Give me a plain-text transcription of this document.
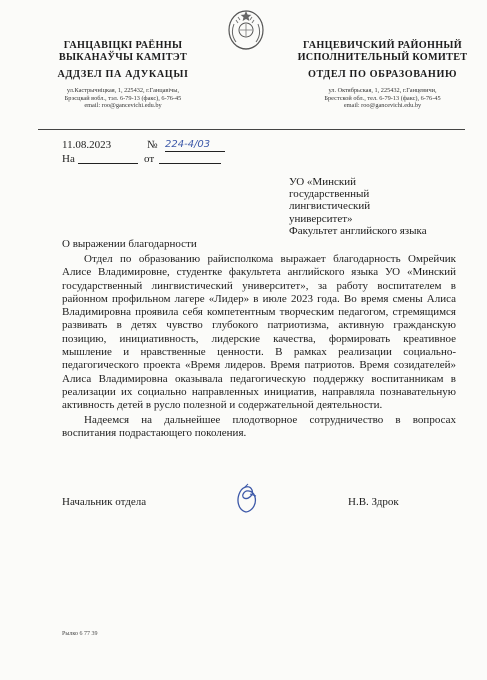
ГАНЦАВІЦКІ РАЁННЫ
ВЫКАНАЎЧЫ КАМІТЭТ
АДДЗЕЛ ПА АДУКАЦЫІ
ул.Кастрычніцкая, 1, 225432, г.Ганцавічы,
Брэсцкай вобл., тэл. 6-79-13 (факс), 6-76-45
email: roo@gancevichi.edu.by
ГАНЦЕВИЧСКИЙ РАЙОННЫЙ
ИСПОЛНИТЕЛЬНЫЙ КОМИТЕТ
ОТДЕЛ ПО ОБРАЗОВАНИЮ
ул. Октябрьская, 1, 225432, г.Ганцевичи,
Брестской обл., тел. 6-79-13 (факс), 6-76-45
email: roo@gancevichi.edu.by
11.08.2023	№ 224-4/03
На	от
УО «Минский
государственный
лингвистический
университет»
Факультет английского языка
О выражении благодарности

Отдел по образованию райисполкома выражает благодарность Омрейчик Алисе Владимировне, студентке факультета английского языка УО «Минский государственный лингвистический университет», за работу воспитателем в районном профильном лагере «Лидер» в июле 2023 года. Во время смены Алиса Владимировна проявила себя компетентным творческим педагогом, стремящимся развивать в детях чувство глубокого патриотизма, активную гражданскую позицию, инициативность, лидерские качества, формировать креативное мышление и нравственные ценности. В рамках реализации социально-педагогического проекта «Время лидеров. Время патриотов. Время созидателей» Алиса Владимировна оказывала педагогическую поддержку воспитанникам в реализации их социально направленных инициатив, направляла познавательную активность детей в русло полезной и содержательной деятельности.

Надеемся на дальнейшее плодотворное сотрудничество в вопросах воспитания подрастающего поколения.

Начальник отдела	Н.В. Здрок
Рылко 6 77 39
